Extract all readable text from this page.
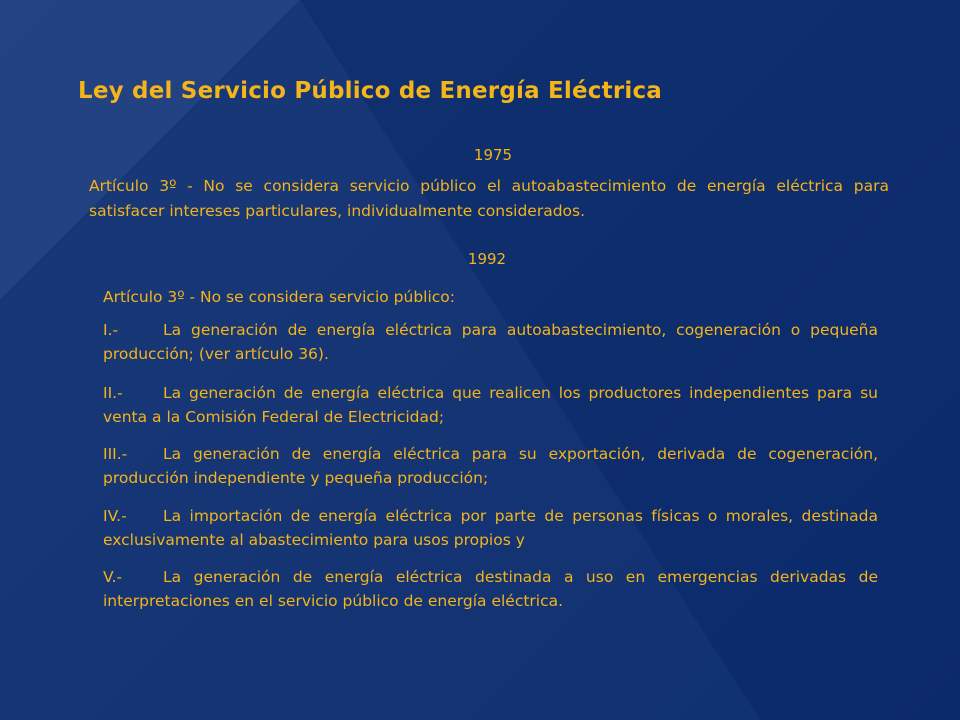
Ley del Servicio Público de Energía Eléctrica
1975
Artículo 3º - No se considera servicio público el autoabastecimiento de energía eléctrica para satisfacer intereses particulares, individualmente considerados.
1992
Artículo 3º - No se considera servicio público:
I.-	La generación de energía eléctrica para autoabastecimiento, cogeneración o pequeña producción; (ver artículo 36).
II.-	La generación de energía eléctrica que realicen los productores independientes para su venta a la Comisión Federal de Electricidad;
III.- La generación de energía eléctrica para su exportación, derivada de cogeneración, producción independiente y pequeña producción;
IV.- La importación de energía eléctrica por parte de personas físicas o morales, destinada exclusivamente al abastecimiento para usos propios y
V.-	La generación de energía eléctrica destinada a uso en emergencias derivadas de interpretaciones en el servicio público de energía eléctrica.
